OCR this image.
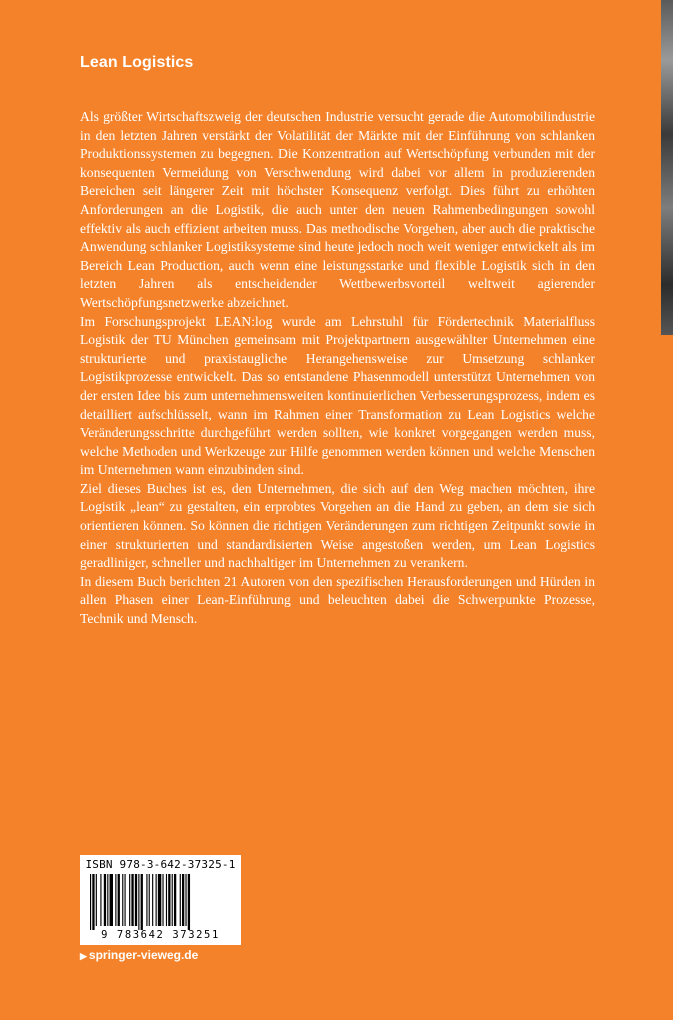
Lean Logistics

Als größter Wirtschaftszweig der deutschen Industrie versucht gerade die Automobilindustrie in den letzten Jahren verstärkt der Volatilität der Märkte mit der Einführung von schlanken Produktionssystemen zu begegnen. Die Konzentration auf Wertschöpfung verbunden mit der konsequenten Vermeidung von Verschwendung wird dabei vor allem in produzierenden Bereichen seit längerer Zeit mit höchster Konsequenz verfolgt. Dies führt zu erhöhten Anforderungen an die Logistik, die auch unter den neuen Rahmenbedingungen sowohl effektiv als auch effizient arbeiten muss. Das methodische Vorgehen, aber auch die praktische Anwendung schlanker Logistiksysteme sind heute jedoch noch weit weniger entwickelt als im Bereich Lean Production, auch wenn eine leistungsstarke und flexible Logistik sich in den letzten Jahren als entscheidender Wettbewerbsvorteil weltweit agierender Wertschöpfungsnetzwerke abzeichnet.

Im Forschungsprojekt LEAN:log wurde am Lehrstuhl für Fördertechnik Materialfluss Logistik der TU München gemeinsam mit Projektpartnern ausgewählter Unternehmen eine strukturierte und praxistaugliche Herangehensweise zur Umsetzung schlanker Logistikprozesse entwickelt. Das so entstandene Phasenmodell unterstützt Unternehmen von der ersten Idee bis zum unternehmensweiten kontinuierlichen Verbesserungsprozess, indem es detailliert aufschlüsselt, wann im Rahmen einer Transformation zu Lean Logistics welche Veränderungsschritte durchgeführt werden sollten, wie konkret vorgegangen werden muss, welche Methoden und Werkzeuge zur Hilfe genommen werden können und welche Menschen im Unternehmen wann einzubinden sind.

Ziel dieses Buches ist es, den Unternehmen, die sich auf den Weg machen möchten, ihre Logistik „lean“ zu gestalten, ein erprobtes Vorgehen an die Hand zu geben, an dem sie sich orientieren können. So können die richtigen Veränderungen zum richtigen Zeitpunkt sowie in einer strukturierten und standardisierten Weise angestoßen werden, um Lean Logistics geradliniger, schneller und nachhaltiger im Unternehmen zu verankern.

In diesem Buch berichten 21 Autoren von den spezifischen Herausforderungen und Hürden in allen Phasen einer Lean-Einführung und beleuchten dabei die Schwerpunkte Prozesse, Technik und Mensch.

ISBN 978-3-642-37325-1
9 783642 373251
▶ springer-vieweg.de
